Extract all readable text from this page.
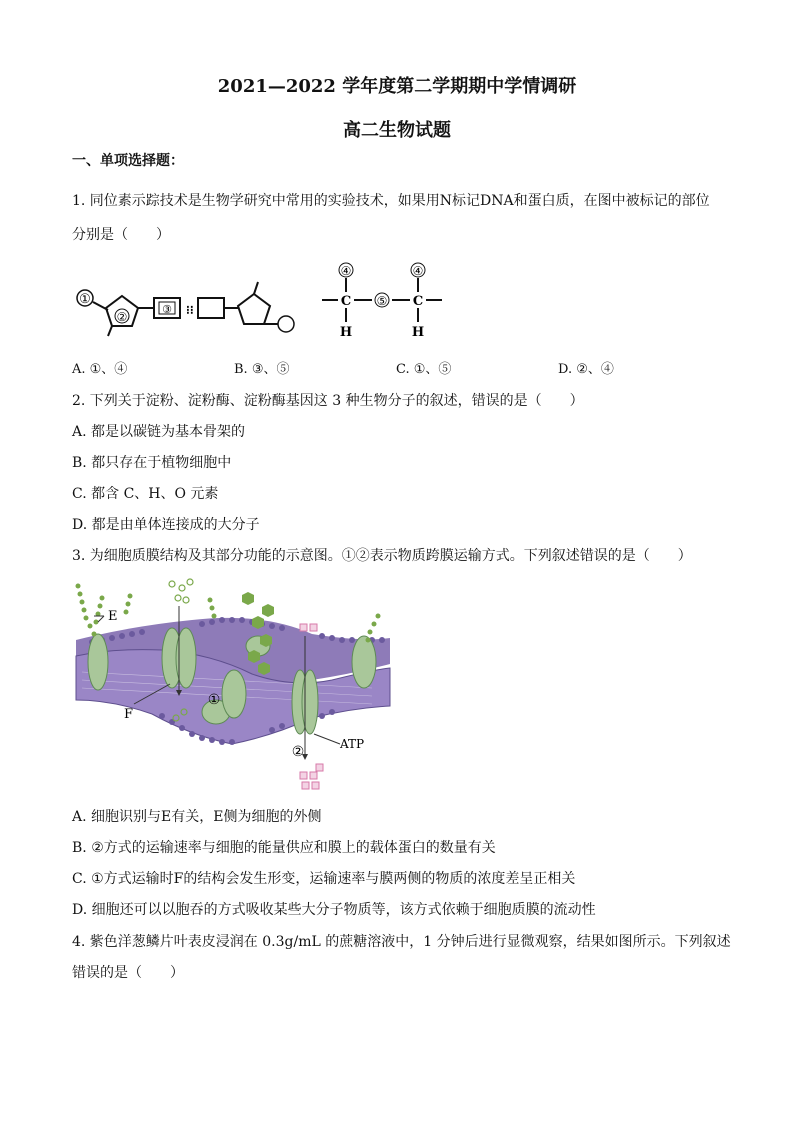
2021—2022 学年度第二学期期中学情调研
高二生物试题
一、单项选择题：
1. 同位素示踪技术是生物学研究中常用的实验技术，如果用N标记DNA和蛋白质，在图中被标记的部位
分别是（　　）
①
②
③ ⁝⁝
④
C ⑤ C
④
H	H
A. ①、④	B. ③、⑤	C. ①、⑤	D. ②、④
2. 下列关于淀粉、淀粉酶、淀粉酶基因这 3 种生物分子的叙述，错误的是（　　）
A. 都是以碳链为基本骨架的
B. 都只存在于植物细胞中
C. 都含 C、H、O 元素
D. 都是由单体连接成的大分子
3. 为细胞质膜结构及其部分功能的示意图。①②表示物质跨膜运输方式。下列叙述错误的是（　　）
E
F
①
②	ATP
A. 细胞识别与E有关，E侧为细胞的外侧
B. ②方式的运输速率与细胞的能量供应和膜上的载体蛋白的数量有关
C. ①方式运输时F的结构会发生形变，运输速率与膜两侧的物质的浓度差呈正相关
D. 细胞还可以以胞吞的方式吸收某些大分子物质等，该方式依赖于细胞质膜的流动性
4. 紫色洋葱鳞片叶表皮浸润在 0.3g/mL 的蔗糖溶液中，1 分钟后进行显微观察，结果如图所示。下列叙述
错误的是（　　）
